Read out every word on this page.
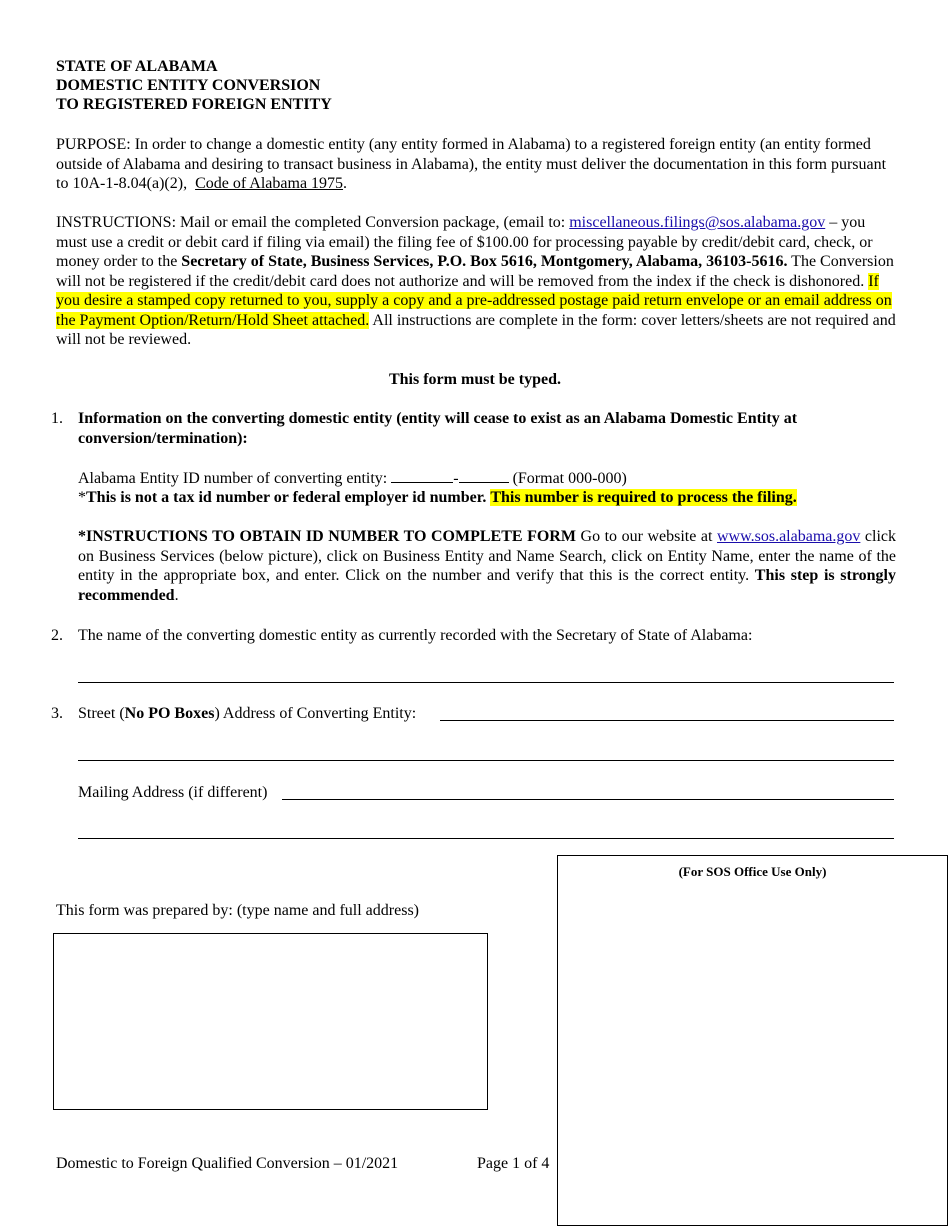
STATE OF ALABAMA
DOMESTIC ENTITY CONVERSION
TO REGISTERED FOREIGN ENTITY
PURPOSE: In order to change a domestic entity (any entity formed in Alabama) to a registered foreign entity (an entity formed outside of Alabama and desiring to transact business in Alabama), the entity must deliver the documentation in this form pursuant to 10A-1-8.04(a)(2), Code of Alabama 1975.
INSTRUCTIONS: Mail or email the completed Conversion package, (email to: miscellaneous.filings@sos.alabama.gov – you must use a credit or debit card if filing via email) the filing fee of $100.00 for processing payable by credit/debit card, check, or money order to the Secretary of State, Business Services, P.O. Box 5616, Montgomery, Alabama, 36103-5616. The Conversion will not be registered if the credit/debit card does not authorize and will be removed from the index if the check is dishonored. If you desire a stamped copy returned to you, supply a copy and a pre-addressed postage paid return envelope or an email address on the Payment Option/Return/Hold Sheet attached. All instructions are complete in the form: cover letters/sheets are not required and will not be reviewed.
This form must be typed.
1. Information on the converting domestic entity (entity will cease to exist as an Alabama Domestic Entity at conversion/termination):
Alabama Entity ID number of converting entity:	-	(Format 000-000)
*This is not a tax id number or federal employer id number. This number is required to process the filing.
*INSTRUCTIONS TO OBTAIN ID NUMBER TO COMPLETE FORM Go to our website at www.sos.alabama.gov click on Business Services (below picture), click on Business Entity and Name Search, click on Entity Name, enter the name of the entity in the appropriate box, and enter. Click on the number and verify that this is the correct entity. This step is strongly recommended.
2. The name of the converting domestic entity as currently recorded with the Secretary of State of Alabama:
3. Street (No PO Boxes) Address of Converting Entity:
Mailing Address (if different)
(For SOS Office Use Only)
This form was prepared by: (type name and full address)
Domestic to Foreign Qualified Conversion – 01/2021	Page 1 of 4
